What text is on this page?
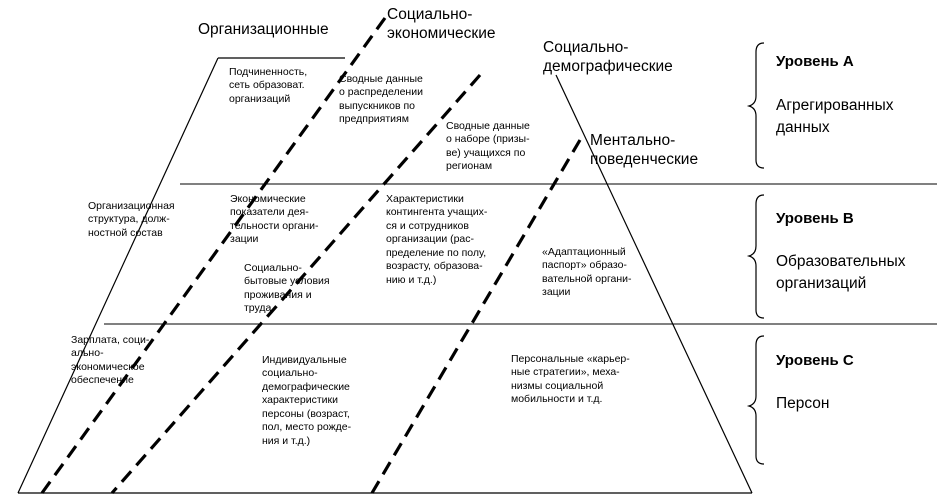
Организационные
Социально-
экономические
Социально-
демографические
Ментально-
поведенческие
Подчиненность,
сеть образоват.
организаций
Сводные данные
о распределении
выпускников по
предприятиям
Сводные данные
о наборе (призы-
ве) учащихся по
регионам
Организационная
структура, долж-
ностной состав
Экономические
показатели дея-
тельности органи-
зации
Социально-
бытовые условия
проживания и
труда
Характеристики
контингента учащих-
ся и сотрудников
организации (рас-
пределение по полу,
возрасту, образова-
нию и т.д.)
«Адаптационный
паспорт» образо-
вательной органи-
зации
Зарплата, соци-
ально-
экономическое
обеспечение
Индивидуальные
социально-
демографические
характеристики
персоны (возраст,
пол, место рожде-
ния и т.д.)
Персональные «карьер-
ные стратегии», меха-
низмы социальной
мобильности и т.д.
Уровень А
Агрегированных
данных
Уровень В
Образовательных
организаций
Уровень С
Персон
